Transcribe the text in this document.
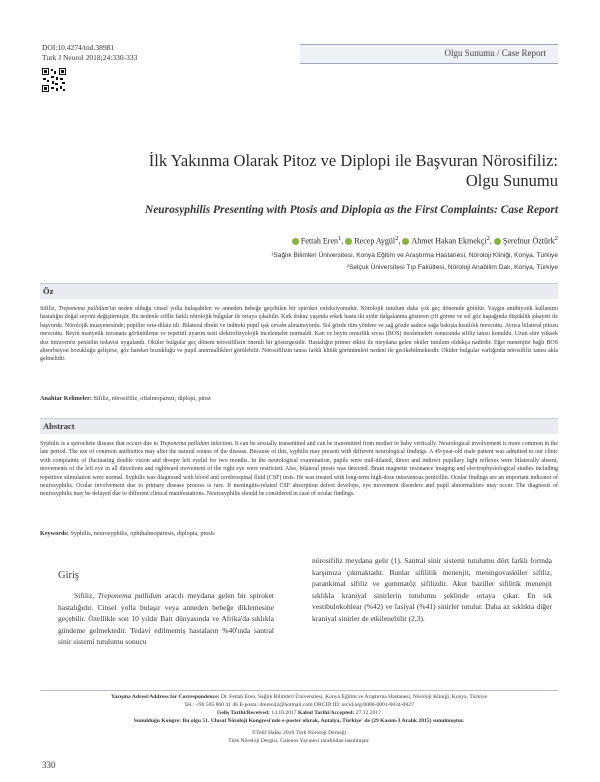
DOI:10.4274/tnd.38981
Turk J Neurol 2018;24:330-333	Olgu Sunumu / Case Report
İlk Yakınma Olarak Pitoz ve Diplopi ile Başvuran Nörosifiliz:
Olgu Sunumu
Neurosyphilis Presenting with Ptosis and Diplopia as the First Complaints: Case Report
Fettah Eren$^1$, Recep Aygül$^2$, Ahmet Hakan Ekmekçi$^2$, Şerefnur Öztürk$^2$
¹Sağlık Bilimleri Üniversitesi, Konya Eğitim ve Araştırma Hastanesi, Nöroloji Kliniği, Konya, Türkiye
²Selçuk Üniversitesi Tıp Fakültesi, Nöroloji Anabilim Dalı, Konya, Türkiye
Öz
Sifiliz, Treponema pallidum'un neden olduğu cinsel yolla bulaşabilen ve anneden bebeğe geçebilen bir spiroket enfeksiyonudur. Nörolojik tutulum daha çok geç dönemde görülür. Yaygın antibiyotik kullanımı hastalığın doğal seyrini değiştirmiştir. Bu nedenle sifiliz farklı nörolojik bulgular ile ortaya çıkabilir. Kırk dokuz yaşında erkek hasta iki aydır dalgalanma gösteren çift görme ve sol göz kapağında düşüklük şikayeti ile başvurdu. Nörolojik muayenesinde; pupiller orta-dilate idi. Bilateral direkt ve indirekt pupil ışık cevabı alınamıyordu. Sol gözde tüm yönlere ve sağ gözde sadece sağa bakışta kısıtlılık mevcuttu. Ayrıca bilateral pitozu mevcuttu. Beyin manyetik rezonans görüntüleme ve repetitif uyarım testi elektrofizyolojik incelemeler normaldi. Kan ve beyin omurilik sıvısı (BOS) incelemeleri sonucunda sifiliz tanısı konuldu. Uzun süre yüksek doz intravenöz penisilin tedavisi uygulandı. Oküler bulgular geç dönem nörosifilizin önemli bir göstergesidir. Hastalığın primer etkisi ile meydana gelen oküler tutulum oldukça nadirdir. Eğer menenjite bağlı BOS absorbsiyon bozukluğu gelişirse, göz hareket bozukluğu ve pupil anormallikleri görülebilir. Nörosifilizin tanısı farklı klinik görünümleri nedeni ile gecikebilmektedir. Oküler bulgular varlığında nörosifiliz tanısı akla gelmelidir.
Anahtar Kelimeler: Sifiliz, nörosifiliz, oftalmoparezi, diplopi, pitoz
Abstract
Syphilis is a spirochete disease that occurs due to Treponema pallidum infection. It can be sexually transmitted and can be transmitted from mother to baby vertically. Neurological involvement is more common in the late period. The use of common antibiotics may alter the natural course of the disease. Because of this, syphilis may present with different neurological findings. A 49-year-old male patient was admitted to our clinic with complaints of fluctuating double vision and droopy left eyelid for two months. In the neurological examination, pupils were mid-dilated, direct and indirect pupillary light reflexes were bilaterally absent, movements of the left eye in all directions and rightward movement of the right eye were restricted. Also, bilateral ptosis was detected. Brain magnetic resonance imaging and electrophysiological studies including repetitive stimulation were normal. Syphilis was diagnosed with blood and cerebrospinal fluid (CSF) tests. He was treated with long-term high-dose intravenous penicillin. Ocular findings are an important indicator of neurosyphilis. Ocular involvement due to primary disease process is rare. If meningitis-related CSF absorption defect develops, eye movement disorders and pupil abnormalities may occur. The diagnosis of neurosyphilis may be delayed due to different clinical manifestations. Neurosyphilis should be considered in case of ocular findings.
Keywords: Syphilis, neurosyphilis, ophthalmoparesis, diplopia, ptosis
Giriş

Sifiliz, Treponema pallidum aracılı meydana gelen bir spiroket hastalığıdır. Cinsel yolla bulaşır veya anneden bebeğe diklemesine geçebilir. Özellikle son 10 yıldır Batı dünyasında ve Afrika'da sıklıkla gündeme gelmektedir. Tedavi edilmemiş hastaların %40'ında santral sinir sistemi tutulumu sonucu

nörosifiliz meydana gelir (1). Santral sinir sistemi tutulumu dört farklı formda karşımıza çıkmaktadır. Bunlar sifilitik menenjit, meningovasküler sifiliz, parankimal sifiliz ve gummatöz sifilizdir. Akut baziller sifilitik menenjit sıklıkla kraniyal sinirlerin tutulumu şeklinde ortaya çıkar. En sık vestibulokohlear (%42) ve fasiyal (%41) sinirler tutulur. Daha az sıklıkta diğer kraniyal sinirler de etkilenebilir (2,3).

Yazışma Adresi/Address for Correspondence: Dr. Fettah Eren, Sağlık Bilimleri Üniversitesi, Konya Eğitim ve Araştırma Hastanesi, Nöroloji Kliniği, Konya, Türkiye
Tel.: +90 505 860 41 46 E-posta: dreren42@hotmail.com ORCID ID: orcid.org/0000-0001-6834-0827
Geliş Tarihi/Received: 14.10.2017 Kabul Tarihi/Accepted: 27.12.2017
Sunulduğu Kongre: Bu olgu 51. Ulusal Nöroloji Kongresi'nde e-poster olarak, Antalya, Türkiye' de (29 Kasım-3 Aralık 2015) sunulmuştur.
©Telif Hakkı 2018 Türk Nöroloji Derneği
Türk Nöroloji Dergisi, Galenos Yayınevi tarafından basılmıştır.
330
